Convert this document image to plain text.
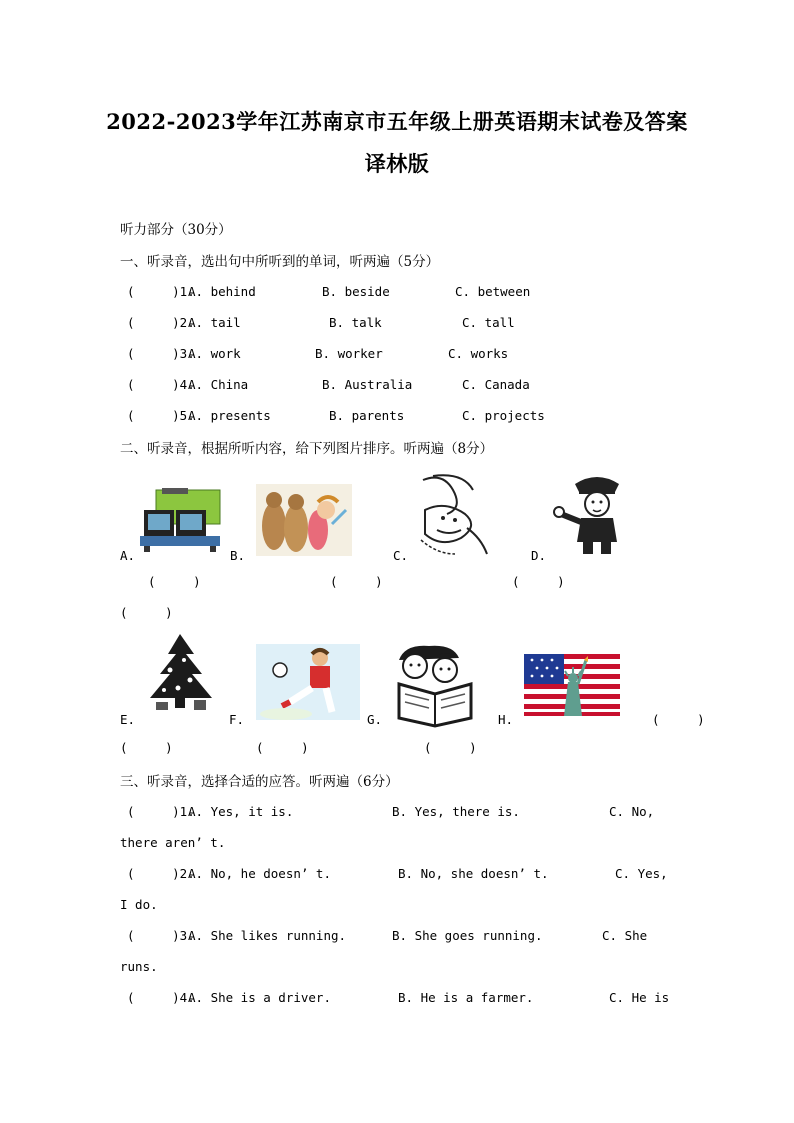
2022-2023学年江苏南京市五年级上册英语期末试卷及答案
译林版
听力部分（30分）
一、听录音，选出句中所听到的单词，听两遍（5分）
(     )1.
A. behind	B. beside	C. between
(     )2.
A. tail	B. talk	C. tall
(     )3.
A. work	B. worker	C. works
(     )4.
A. China	B. Australia	C. Canada
(     )5.
A. presents	B. parents	C. projects
二、听录音，根据所听内容，给下列图片排序。听两遍（8分）
A.	B.	C.	D.
(     )	(     )	(     )
(     )
E.	F.	G.	H.	(     )
(     )	(     )	(     )
三、听录音，选择合适的应答。听两遍（6分）
(     )1.
A. Yes, it is.	B. Yes, there is.	C. No,
there aren’ t.
(     )2.
A. No, he doesn’ t.	B. No, she doesn’ t.	C. Yes,
I do.
(     )3.
A. She likes running.	B. She goes running.	C. She
runs.
(     )4.
A. She is a driver.	B. He is a farmer.	C. He is
